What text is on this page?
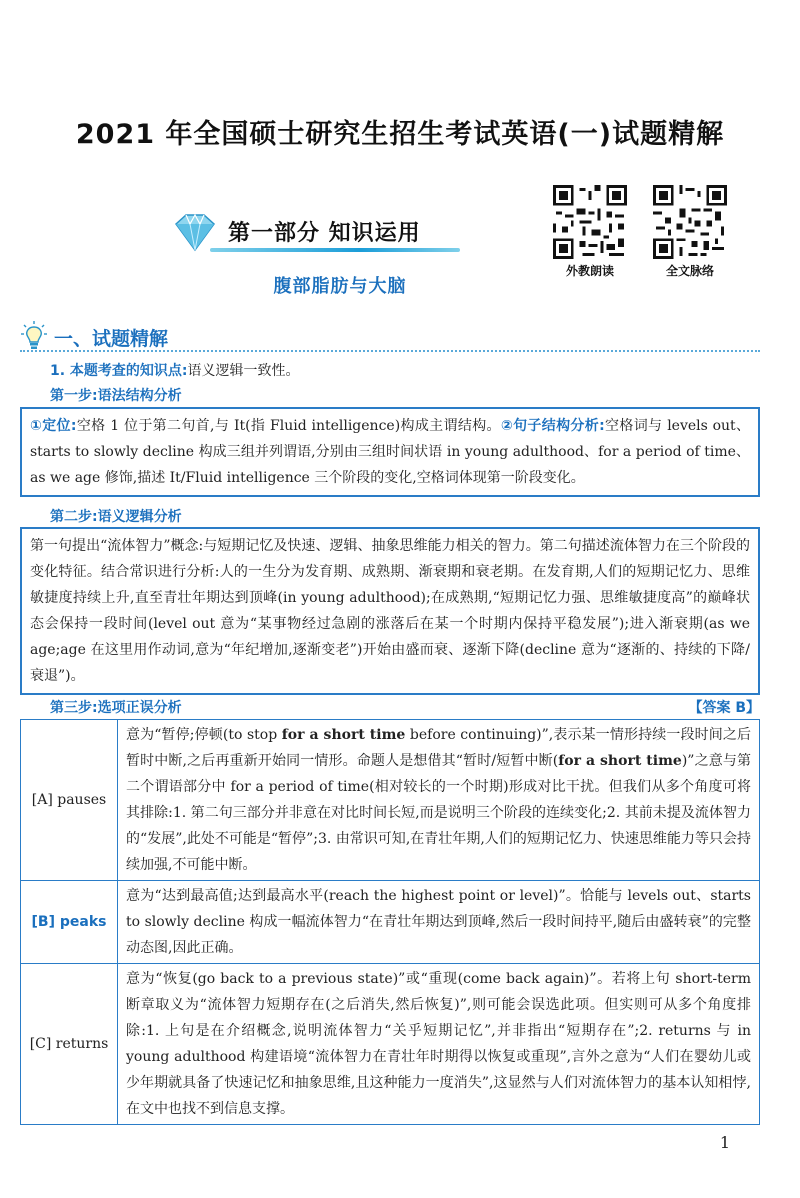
2021 年全国硕士研究生招生考试英语(一)试题精解
第一部分 知识运用
腹部脂肪与大脑
外教朗读	全文脉络
一、试题精解
1. 本题考查的知识点:语义逻辑一致性。
第一步:语法结构分析

①定位:空格 1 位于第二句首,与 It(指 Fluid intelligence)构成主谓结构。②句子结构分析:空格词与 levels out、starts to slowly decline 构成三组并列谓语,分别由三组时间状语 in young adulthood、for a period of time、as we age 修饰,描述 It/Fluid intelligence 三个阶段的变化,空格词体现第一阶段变化。

第二步:语义逻辑分析

第一句提出“流体智力”概念:与短期记忆及快速、逻辑、抽象思维能力相关的智力。第二句描述流体智力在三个阶段的变化特征。结合常识进行分析:人的一生分为发育期、成熟期、渐衰期和衰老期。在发育期,人们的短期记忆力、思维敏捷度持续上升,直至青壮年期达到顶峰(in young adulthood);在成熟期,“短期记忆力强、思维敏捷度高”的巅峰状态会保持一段时间(level out 意为“某事物经过急剧的涨落后在某一个时期内保持平稳发展”);进入渐衰期(as we age;age 在这里用作动词,意为“年纪增加,逐渐变老”)开始由盛而衰、逐渐下降(decline 意为“逐渐的、持续的下降/衰退”)。

第三步:选项正误分析	【答案 B】
[A] pauses	意为“暂停;停顿(to stop for a short time before continuing)”,表示某一情形持续一段时间之后暂时中断,之后再重新开始同一情形。命题人是想借其“暂时/短暂中断(for a short time)”之意与第二个谓语部分中 for a period of time(相对较长的一个时期)形成对比干扰。但我们从多个角度可将其排除:1. 第二句三部分并非意在对比时间长短,而是说明三个阶段的连续变化;2. 其前未提及流体智力的“发展”,此处不可能是“暂停”;3. 由常识可知,在青壮年期,人们的短期记忆力、快速思维能力等只会持续加强,不可能中断。
[B] peaks	意为“达到最高值;达到最高水平(reach the highest point or level)”。恰能与 levels out、starts to slowly decline 构成一幅流体智力“在青壮年期达到顶峰,然后一段时间持平,随后由盛转衰”的完整动态图,因此正确。
[C] returns	意为“恢复(go back to a previous state)”或“重现(come back again)”。若将上句 short-term 断章取义为“流体智力短期存在(之后消失,然后恢复)”,则可能会误选此项。但实则可从多个角度排除:1. 上句是在介绍概念,说明流体智力“关乎短期记忆”,并非指出“短期存在”;2. returns 与 in young adulthood 构建语境“流体智力在青壮年时期得以恢复或重现”,言外之意为“人们在婴幼儿或少年期就具备了快速记忆和抽象思维,且这种能力一度消失”,这显然与人们对流体智力的基本认知相悖,在文中也找不到信息支撑。
1
